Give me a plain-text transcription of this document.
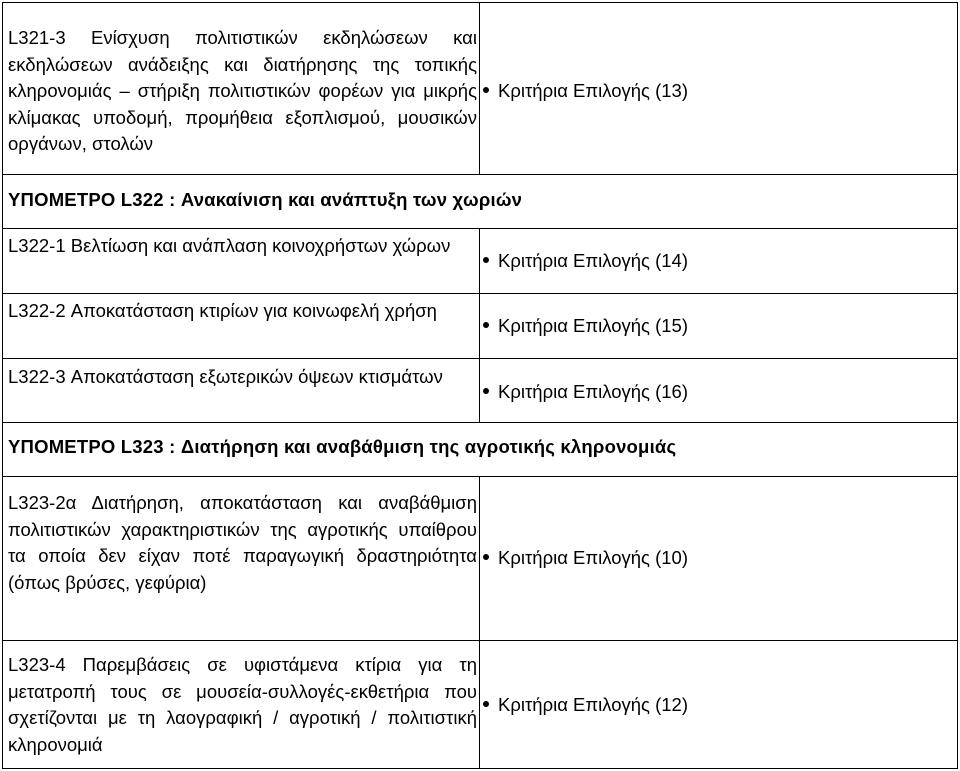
L321-3 Ενίσχυση πολιτιστικών εκδηλώσεων και εκδηλώσεων ανάδειξης και διατήρησης της τοπικής κληρονομιάς – στήριξη πολιτιστικών φορέων για μικρής κλίμακας υποδομή, προμήθεια εξοπλισμού, μουσικών οργάνων, στολών
Κριτήρια Επιλογής (13)
ΥΠΟΜΕΤΡΟ L322 : Ανακαίνιση και ανάπτυξη των χωριών
L322-1 Βελτίωση και ανάπλαση κοινοχρήστων χώρων
Κριτήρια Επιλογής (14)
L322-2 Αποκατάσταση κτιρίων για κοινωφελή χρήση
Κριτήρια Επιλογής (15)
L322-3 Αποκατάσταση εξωτερικών όψεων κτισμάτων
Κριτήρια Επιλογής (16)
ΥΠΟΜΕΤΡΟ L323 : Διατήρηση και αναβάθμιση της αγροτικής κληρονομιάς
L323-2α Διατήρηση, αποκατάσταση και αναβάθμιση πολιτιστικών χαρακτηριστικών της αγροτικής υπαίθρου τα οποία δεν είχαν ποτέ παραγωγική δραστηριότητα (όπως βρύσες, γεφύρια)
Κριτήρια Επιλογής (10)
L323-4 Παρεμβάσεις σε υφιστάμενα κτίρια για τη μετατροπή τους σε μουσεία-συλλογές-εκθετήρια που σχετίζονται με τη λαογραφική / αγροτική / πολιτιστική κληρονομιά
Κριτήρια Επιλογής (12)
